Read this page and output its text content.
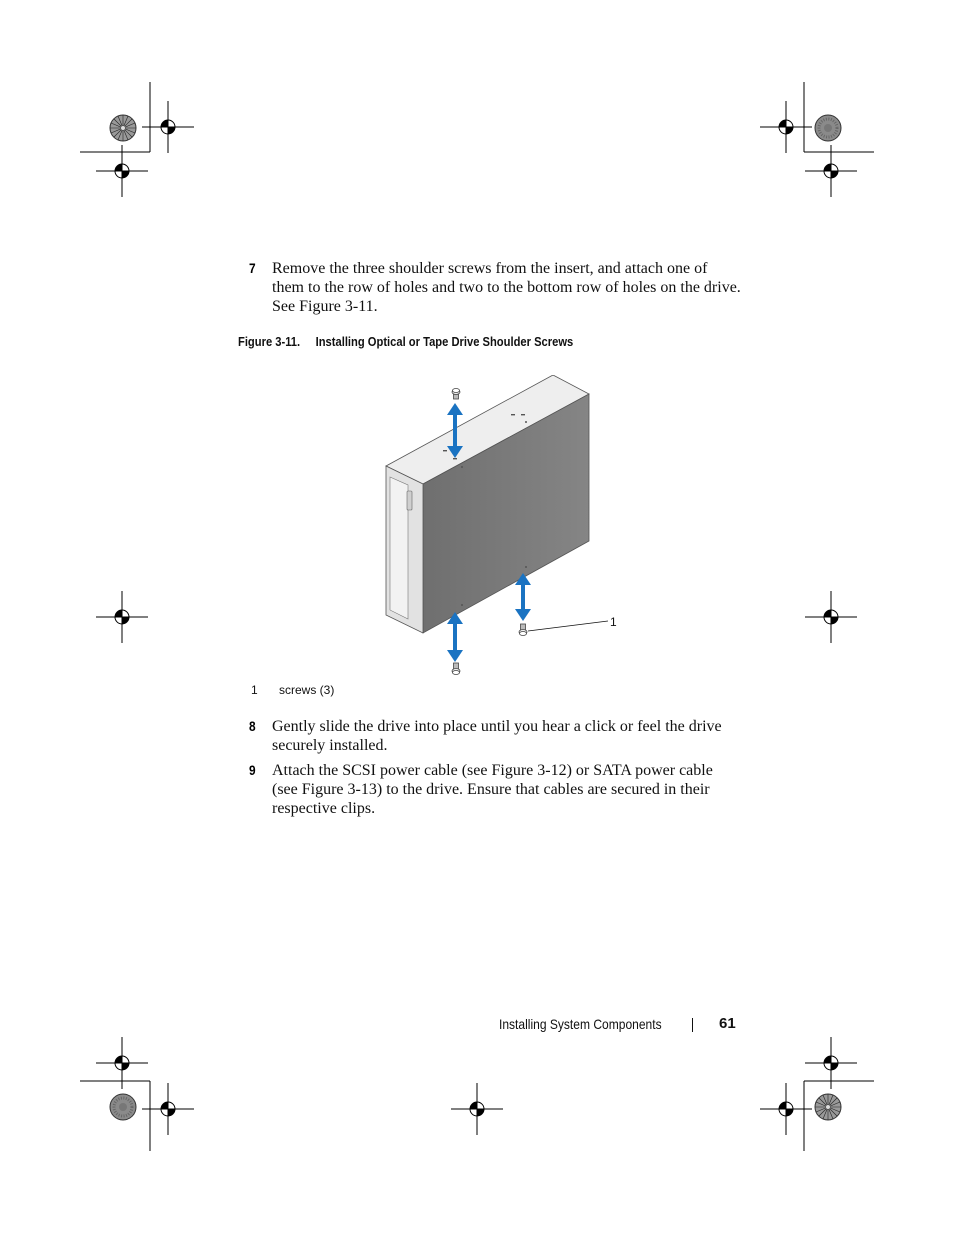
7 Remove the three shoulder screws from the insert, and attach one of them to the row of holes and two to the bottom row of holes on the drive. See Figure 3-11.
Figure 3-11. Installing Optical or Tape Drive Shoulder Screws
1
1 screws (3)
8 Gently slide the drive into place until you hear a click or feel the drive securely installed.
9 Attach the SCSI power cable (see Figure 3-12) or SATA power cable (see Figure 3-13) to the drive. Ensure that cables are secured in their respective clips.
Installing System Components	61
